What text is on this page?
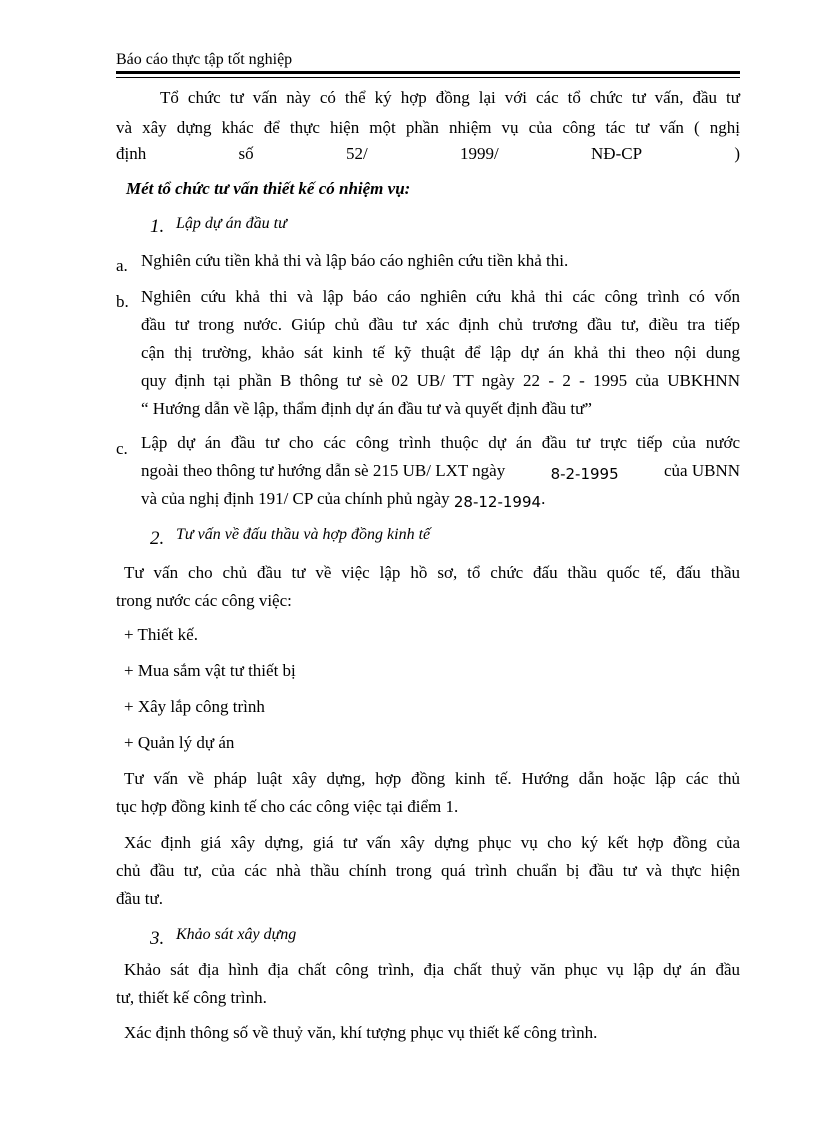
Báo cáo thực tập tốt nghiệp
Tổ chức tư vấn này có thể ký hợp đồng lại với các tổ chức tư vấn, đầu tư
và xây dựng khác để thực hiện một phần nhiệm vụ của công tác tư vấn ( nghị
định	số	52/	1999/	NĐ-CP	)
Mét tổ chức tư vấn thiết kế có nhiệm vụ:
1. Lập dự án đầu tư
a. Nghiên cứu tiền khả thi và lập báo cáo nghiên cứu tiền khả thi.
b. Nghiên cứu khả thi và lập báo cáo nghiên cứu khả thi các công trình có vốn
đầu tư trong nước. Giúp chủ đầu tư xác định chủ trương đầu tư, điều tra tiếp
cận thị trường, khảo sát kinh tế kỹ thuật để lập dự án khả thi theo nội dung
quy định tại phần B thông tư sè 02 UB/ TT ngày 22 - 2 - 1995 của UBKHNN
“ Hướng dẫn về lập, thẩm định dự án đầu tư và quyết định đầu tư”
c. Lập dự án đầu tư cho các công trình thuộc dự án đầu tư trực tiếp của nước
ngoài theo thông tư hướng dẫn sè 215 UB/ LXT ngày	8-2-1995	của UBNN
và của nghị định 191/ CP của chính phủ ngày 28-12-1994.
2. Tư vấn về đấu thầu và hợp đồng kinh tế
Tư vấn cho chủ đầu tư về việc lập hồ sơ, tổ chức đấu thầu quốc tế, đấu thầu
trong nước các công việc:
+ Thiết kế.
+ Mua sắm vật tư thiết bị
+ Xây lắp công trình
+ Quản lý dự án
Tư vấn về pháp luật xây dựng, hợp đồng kinh tế. Hướng dẫn hoặc lập các thủ
tục hợp đồng kinh tế cho các công việc tại điểm 1.
Xác định giá xây dựng, giá tư vấn xây dựng phục vụ cho ký kết hợp đồng của
chủ đầu tư, của các nhà thầu chính trong quá trình chuẩn bị đầu tư và thực hiện
đầu tư.
3. Khảo sát xây dựng
Khảo sát địa hình địa chất công trình, địa chất thuỷ văn phục vụ lập dự án đầu
tư, thiết kế công trình.
Xác định thông số về thuỷ văn, khí tượng phục vụ thiết kế công trình.
